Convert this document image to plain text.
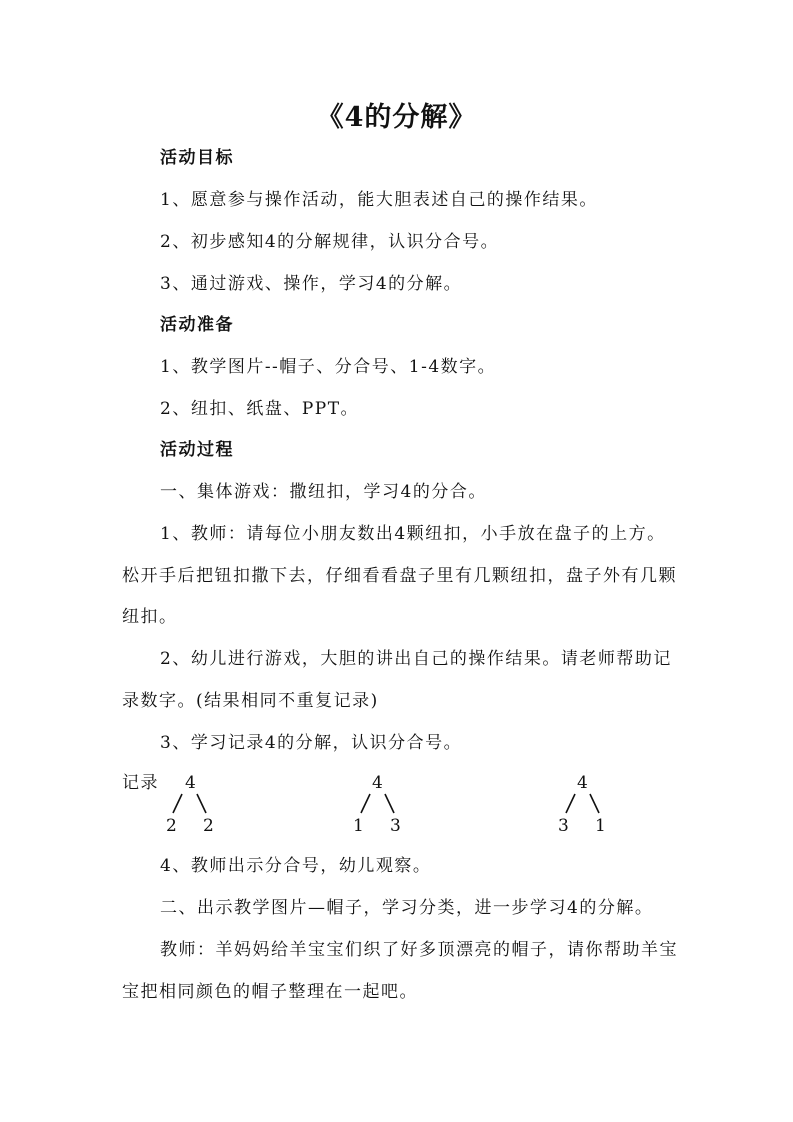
《4的分解》
活动目标
1、愿意参与操作活动，能大胆表述自己的操作结果。
2、初步感知4的分解规律，认识分合号。
3、通过游戏、操作，学习4的分解。
活动准备
1、教学图片--帽子、分合号、1-4数字。
2、纽扣、纸盘、PPT。
活动过程
一、集体游戏：撒纽扣，学习4的分合。
1、教师：请每位小朋友数出4颗纽扣，小手放在盘子的上方。
松开手后把钮扣撒下去，仔细看看盘子里有几颗纽扣，盘子外有几颗
纽扣。
2、幼儿进行游戏，大胆的讲出自己的操作结果。请老师帮助记
录数字。(结果相同不重复记录)
3、学习记录4的分解，认识分合号。
记录 4
2 2
4
1 3
4
3 1
4、教师出示分合号，幼儿观察。
二、出示教学图片—帽子，学习分类，进一步学习4的分解。
教师：羊妈妈给羊宝宝们织了好多顶漂亮的帽子，请你帮助羊宝
宝把相同颜色的帽子整理在一起吧。
